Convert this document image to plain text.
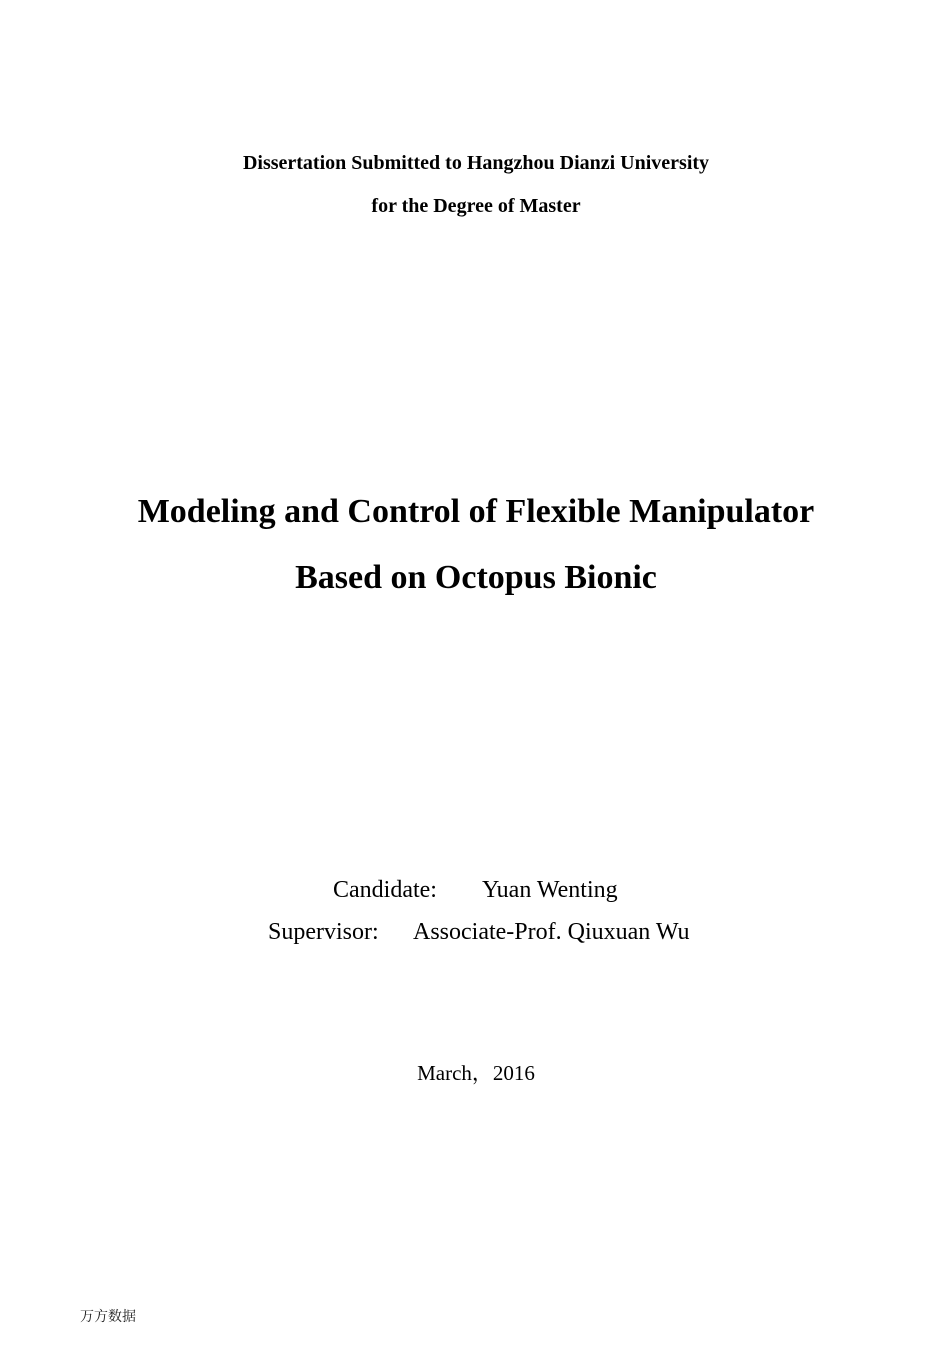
Dissertation Submitted to Hangzhou Dianzi University
for the Degree of Master
Modeling and Control of Flexible Manipulator
Based on Octopus Bionic
Candidate: Yuan Wenting
Supervisor: Associate-Prof. Qiuxuan Wu
March，2016
万方数据
